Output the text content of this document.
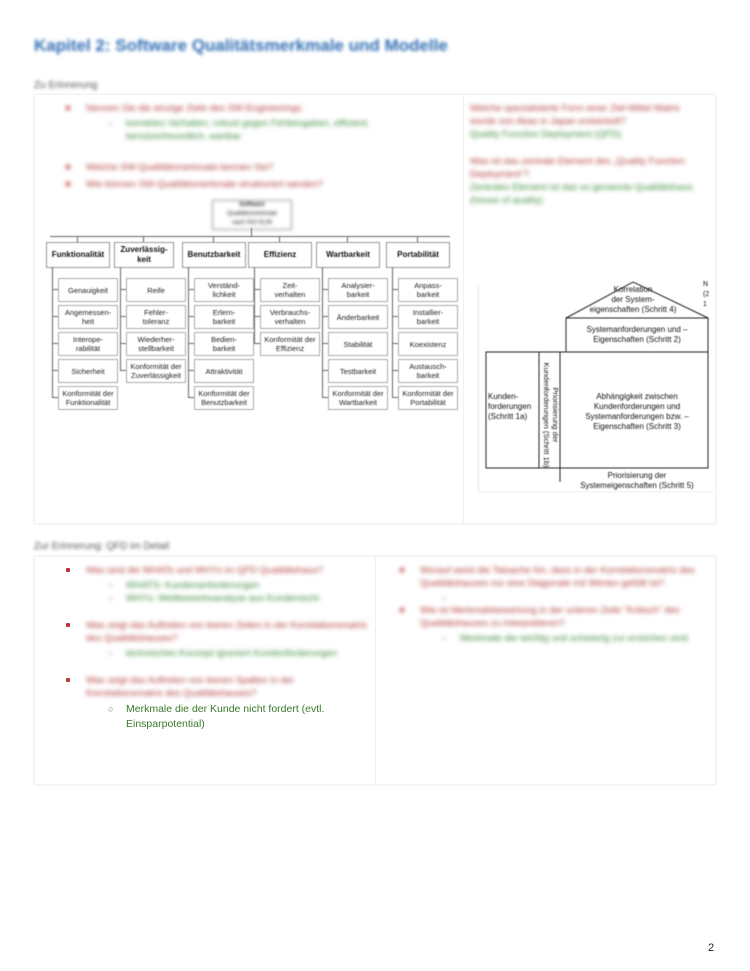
Kapitel 2: Software Qualitätsmerkmale und Modelle
Zu Erinnerung
Nennen Sie die einzige Ziele des SW-Engineerings.
○ korrektes Verhalten, robust gegen Fehleingaben, effizient, benutzerfreundlich, wartbar
Welche SW-Qualitätsmerkmale kennen Sie?
Wie können SW-Qualitätsmerkmale strukturiert werden?
Welche spezialisierte Form einer Ziel-Mittel Matrix wurde von Akao in Japan entwickelt?
Quality Function Deployment (QFD)
Was ist das zentrale Element des „Quality Function Deployment“?
Zentrales Element ist das so genannte Qualitätshaus (house of quality)
Software
Qualitätsmerkmale
nach ISO 9126
Funktionalität
Genauigkeit
Angemessen-
heit
Interope-
rabilität
Sicherheit
Konformität der
Funktionalität
Zuverlässig-
keit
Reife
Fehler-
toleranz
Wiederher-
stellbarkeit
Konformität der
Zuverlässigkeit
Benutzbarkeit
Verständ-
lichkeit
Erlern-
barkeit
Bedien-
barkeit
Attraktivität
Konformität der
Benutzbarkeit
Effizienz
Zeit-
verhalten
Verbrauchs-
verhalten
Konformität der
Effizienz
Wartbarkeit
Analysier-
barkeit
Änderbarkeit
Stabilität
Testbarkeit
Konformität der
Wartbarkeit
Portabilität
Anpass-
barkeit
Installier-
barkeit
Koexistenz
Austausch-
barkeit
Konformität der
Portabilität
Korrelation
der System-
eigenschaften (Schritt 4)
N
(2
1
Systemanforderungen und –
Eigenschaften (Schritt 2)
Kunden-
forderungen
(Schritt 1a)	Priorisierung der
Kundenforderungen (Schritt 1b)
Abhängigkeit zwischen
Kundenforderungen und
Systemanforderungen bzw. –
Eigenschaften (Schritt 3)
Priorisierung der
Systemeigenschaften (Schritt 5)
Zur Erinnerung: QFD im Detail
Was sind die WHATs und WHYs im QFD Qualitätshaus?
○ WHATS: Kundenanforderungen
○ WHYs: Wettbewerbsanalyse aus Kundensicht
Was zeigt das Auftreten von leeren Zeilen in der Korrelationsmatrix des Qualitätshauses?
○ technisches Konzept ignoriert Kundenforderungen
Was zeigt das Auftreten von leeren Spalten in der Korrelationsmatrix des Qualitätshauses?
○ Merkmale die der Kunde nicht fordert (evtl. Einsparpotential)
Worauf weist die Tatsache hin, dass in der Korrelationsmatrix des Qualitätshauses nur eine Diagonale mit Werten gefüllt ist?
Wie ist Merkmalsbewertung in der unteren Zeile "Kritisch" des Qualitätshauses zu interpretieren?
○ Merkmale die wichtig und schwierig zur erreichen sind.
2
